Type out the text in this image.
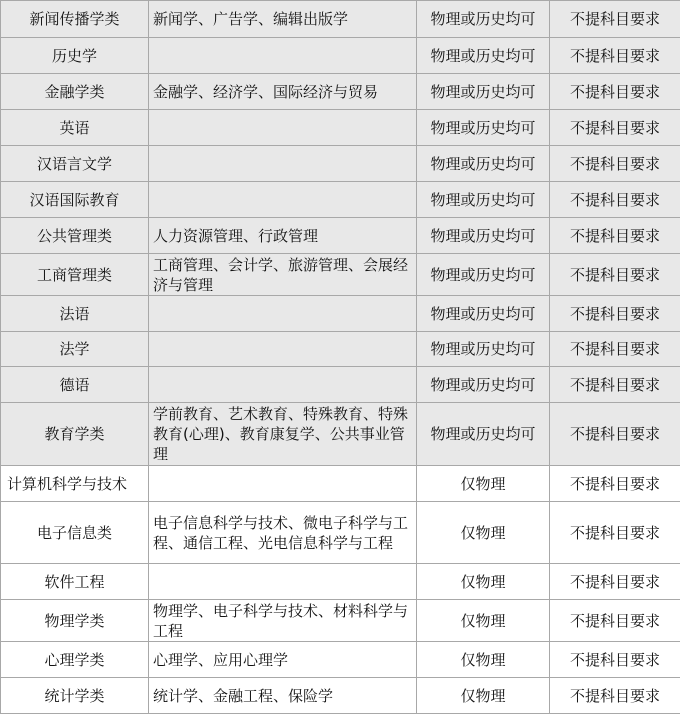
新闻传播学类	新闻学、广告学、编辑出版学	物理或历史均可	不提科目要求
历史学		物理或历史均可	不提科目要求
金融学类	金融学、经济学、国际经济与贸易	物理或历史均可	不提科目要求
英语		物理或历史均可	不提科目要求
汉语言文学		物理或历史均可	不提科目要求
汉语国际教育		物理或历史均可	不提科目要求
公共管理类	人力资源管理、行政管理	物理或历史均可	不提科目要求
工商管理类	工商管理、会计学、旅游管理、会展经济与管理	物理或历史均可	不提科目要求
法语		物理或历史均可	不提科目要求
法学		物理或历史均可	不提科目要求
德语		物理或历史均可	不提科目要求
教育学类	学前教育、艺术教育、特殊教育、特殊教育(心理)、教育康复学、公共事业管理	物理或历史均可	不提科目要求
计算机科学与技术		仅物理	不提科目要求
电子信息类	电子信息科学与技术、微电子科学与工程、通信工程、光电信息科学与工程	仅物理	不提科目要求
软件工程		仅物理	不提科目要求
物理学类	物理学、电子科学与技术、材料科学与工程	仅物理	不提科目要求
心理学类	心理学、应用心理学	仅物理	不提科目要求
统计学类	统计学、金融工程、保险学	仅物理	不提科目要求
